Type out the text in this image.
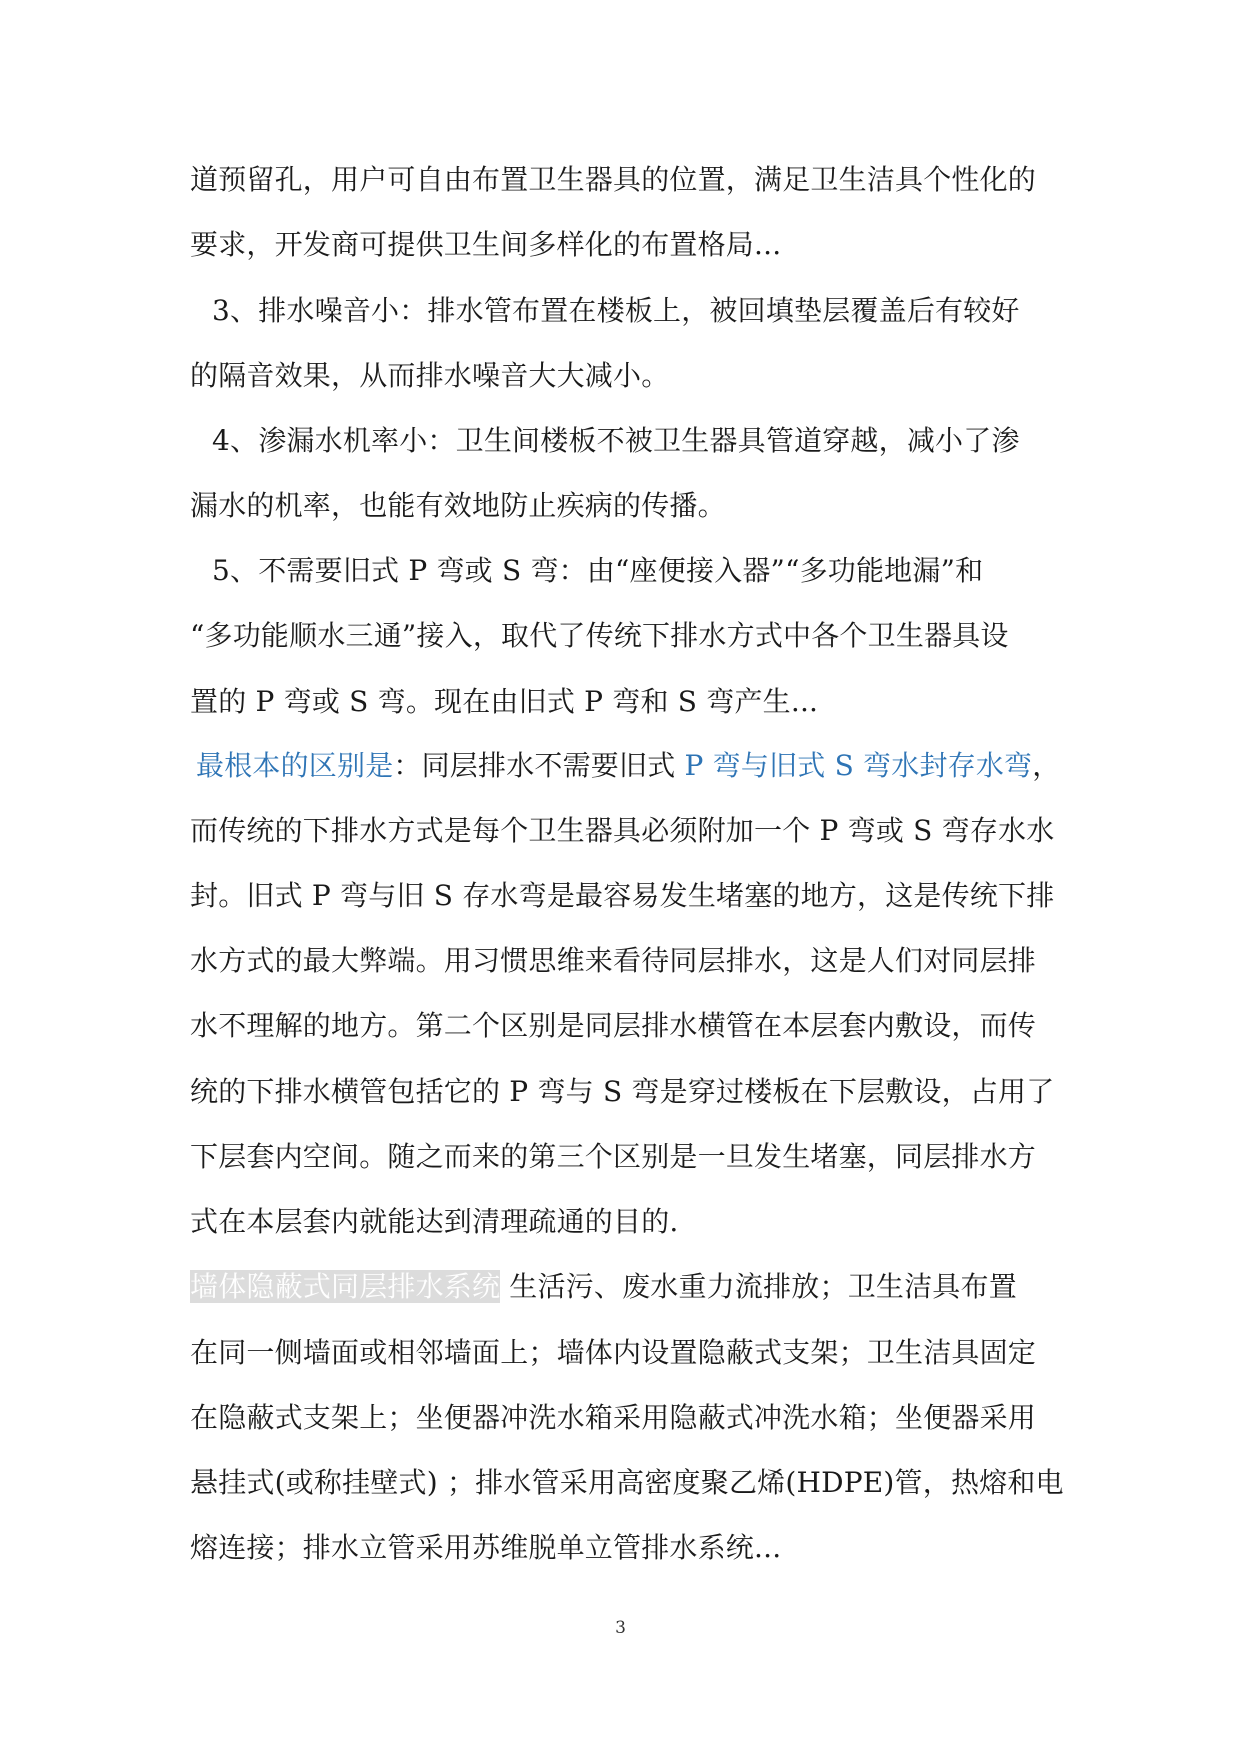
道预留孔，用户可自由布置卫生器具的位置，满足卫生洁具个性化的
要求，开发商可提供卫生间多样化的布置格局...
3、排水噪音小：排水管布置在楼板上，被回填垫层覆盖后有较好
的隔音效果，从而排水噪音大大减小。
4、渗漏水机率小：卫生间楼板不被卫生器具管道穿越，减小了渗
漏水的机率，也能有效地防止疾病的传播。
5、不需要旧式 P 弯或 S 弯：由“座便接入器”“多功能地漏”和
“多功能顺水三通”接入，取代了传统下排水方式中各个卫生器具设
置的 P 弯或 S 弯。现在由旧式 P 弯和 S 弯产生...
最根本的区别是：同层排水不需要旧式 P 弯与旧式 S 弯水封存水弯，
而传统的下排水方式是每个卫生器具必须附加一个 P 弯或 S 弯存水水
封。旧式 P 弯与旧 S 存水弯是最容易发生堵塞的地方，这是传统下排
水方式的最大弊端。用习惯思维来看待同层排水，这是人们对同层排
水不理解的地方。第二个区别是同层排水横管在本层套内敷设，而传
统的下排水横管包括它的 P 弯与 S 弯是穿过楼板在下层敷设，占用了
下层套内空间。随之而来的第三个区别是一旦发生堵塞，同层排水方
式在本层套内就能达到清理疏通的目的.
墙体隐蔽式同层排水系统 生活污、废水重力流排放；卫生洁具布置
在同一侧墙面或相邻墙面上；墙体内设置隐蔽式支架；卫生洁具固定
在隐蔽式支架上；坐便器冲洗水箱采用隐蔽式冲洗水箱；坐便器采用
悬挂式(或称挂壁式) ；排水管采用高密度聚乙烯(HDPE)管，热熔和电
熔连接；排水立管采用苏维脱单立管排水系统...
3
